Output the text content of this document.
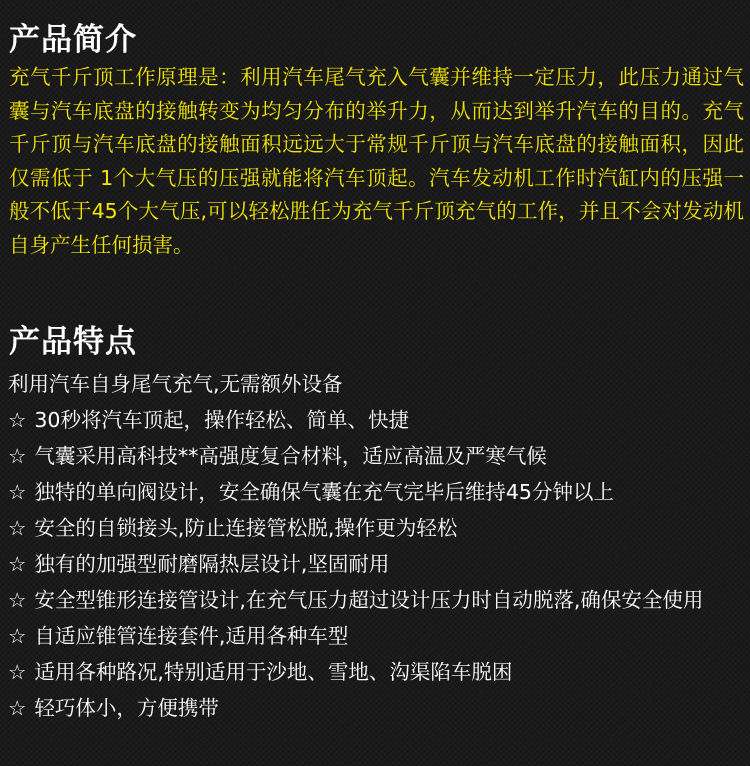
产品简介

充气千斤顶工作原理是：利用汽车尾气充入气囊并维持一定压力，此压力通过气囊与汽车底盘的接触转变为均匀分布的举升力，从而达到举升汽车的目的。充气千斤顶与汽车底盘的接触面积远远大于常规千斤顶与汽车底盘的接触面积，因此仅需低于 1个大气压的压强就能将汽车顶起。汽车发动机工作时汽缸内的压强一般不低于45个大气压,可以轻松胜任为充气千斤顶充气的工作，并且不会对发动机自身产生任何损害。

产品特点
利用汽车自身尾气充气,无需额外设备
☆ 30秒将汽车顶起，操作轻松、简单、快捷
☆ 气囊采用高科技**高强度复合材料，适应高温及严寒气候
☆ 独特的单向阀设计，安全确保气囊在充气完毕后维持45分钟以上
☆ 安全的自锁接头,防止连接管松脱,操作更为轻松
☆ 独有的加强型耐磨隔热层设计,坚固耐用
☆ 安全型锥形连接管设计,在充气压力超过设计压力时自动脱落,确保安全使用
☆ 自适应锥管连接套件,适用各种车型
☆ 适用各种路况,特别适用于沙地、雪地、沟渠陷车脱困
☆ 轻巧体小，方便携带
